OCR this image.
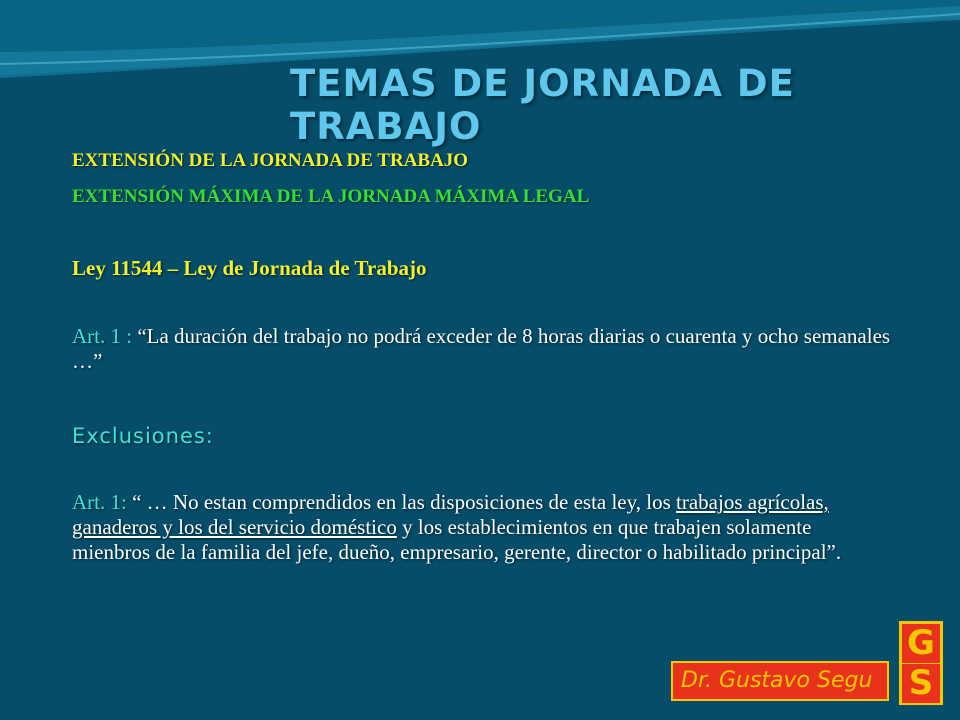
TEMAS DE JORNADA DE TRABAJO

EXTENSIÓN DE LA JORNADA DE TRABAJO

EXTENSIÓN MÁXIMA DE LA JORNADA MÁXIMA LEGAL

Ley 11544 – Ley de Jornada de Trabajo

Art. 1 : “La duración del trabajo no podrá exceder de 8 horas diarias o cuarenta y ocho semanales …”

Exclusiones:

Art. 1: “ … No estan comprendidos en las disposiciones de esta ley, los trabajos agrícolas, ganaderos y los del servicio doméstico y los establecimientos en que trabajen solamente mienbros de la familia del jefe, dueño, empresario, gerente, director o habilitado principal”.

Dr. Gustavo Segu
G
S
